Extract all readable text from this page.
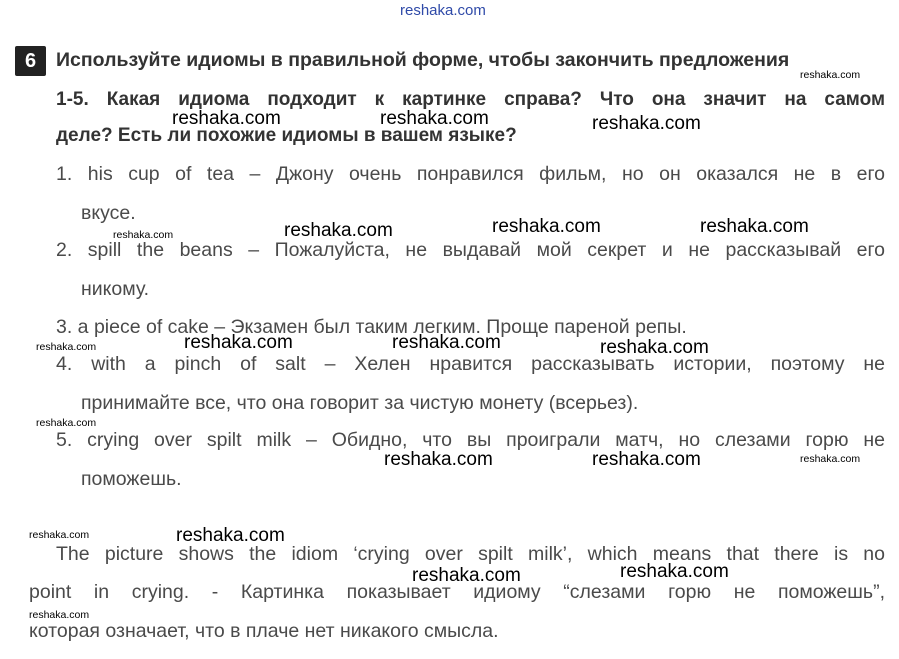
reshaka.com
6	Используйте идиомы в правильной форме, чтобы закончить предложения
1-5. Какая идиома подходит к картинке справа? Что она значит на самом
деле? Есть ли похожие идиомы в вашем языке?
1. his cup of tea – Джону очень понравился фильм, но он оказался не в его
вкусе.
2. spill the beans – Пожалуйста, не выдавай мой секрет и не рассказывай его
никому.
3. a piece of cake – Экзамен был таким легким. Проще пареной репы.
4. with a pinch of salt – Хелен нравится рассказывать истории, поэтому не
принимайте все, что она говорит за чистую монету (всерьез).
5. crying over spilt milk – Обидно, что вы проиграли матч, но слезами горю не
поможешь.
The picture shows the idiom ‘crying over spilt milk’, which means that there is no
point in crying. - Картинка показывает идиому “слезами горю не поможешь”,
которая означает, что в плаче нет никакого смысла.
reshaka.com
reshaka.com	reshaka.com	reshaka.com
reshaka.com	reshaka.com	reshaka.com	reshaka.com
reshaka.com	reshaka.com	reshaka.com	reshaka.com
reshaka.com
reshaka.com	reshaka.com	reshaka.com
reshaka.com	reshaka.com
reshaka.com	reshaka.com
reshaka.com
